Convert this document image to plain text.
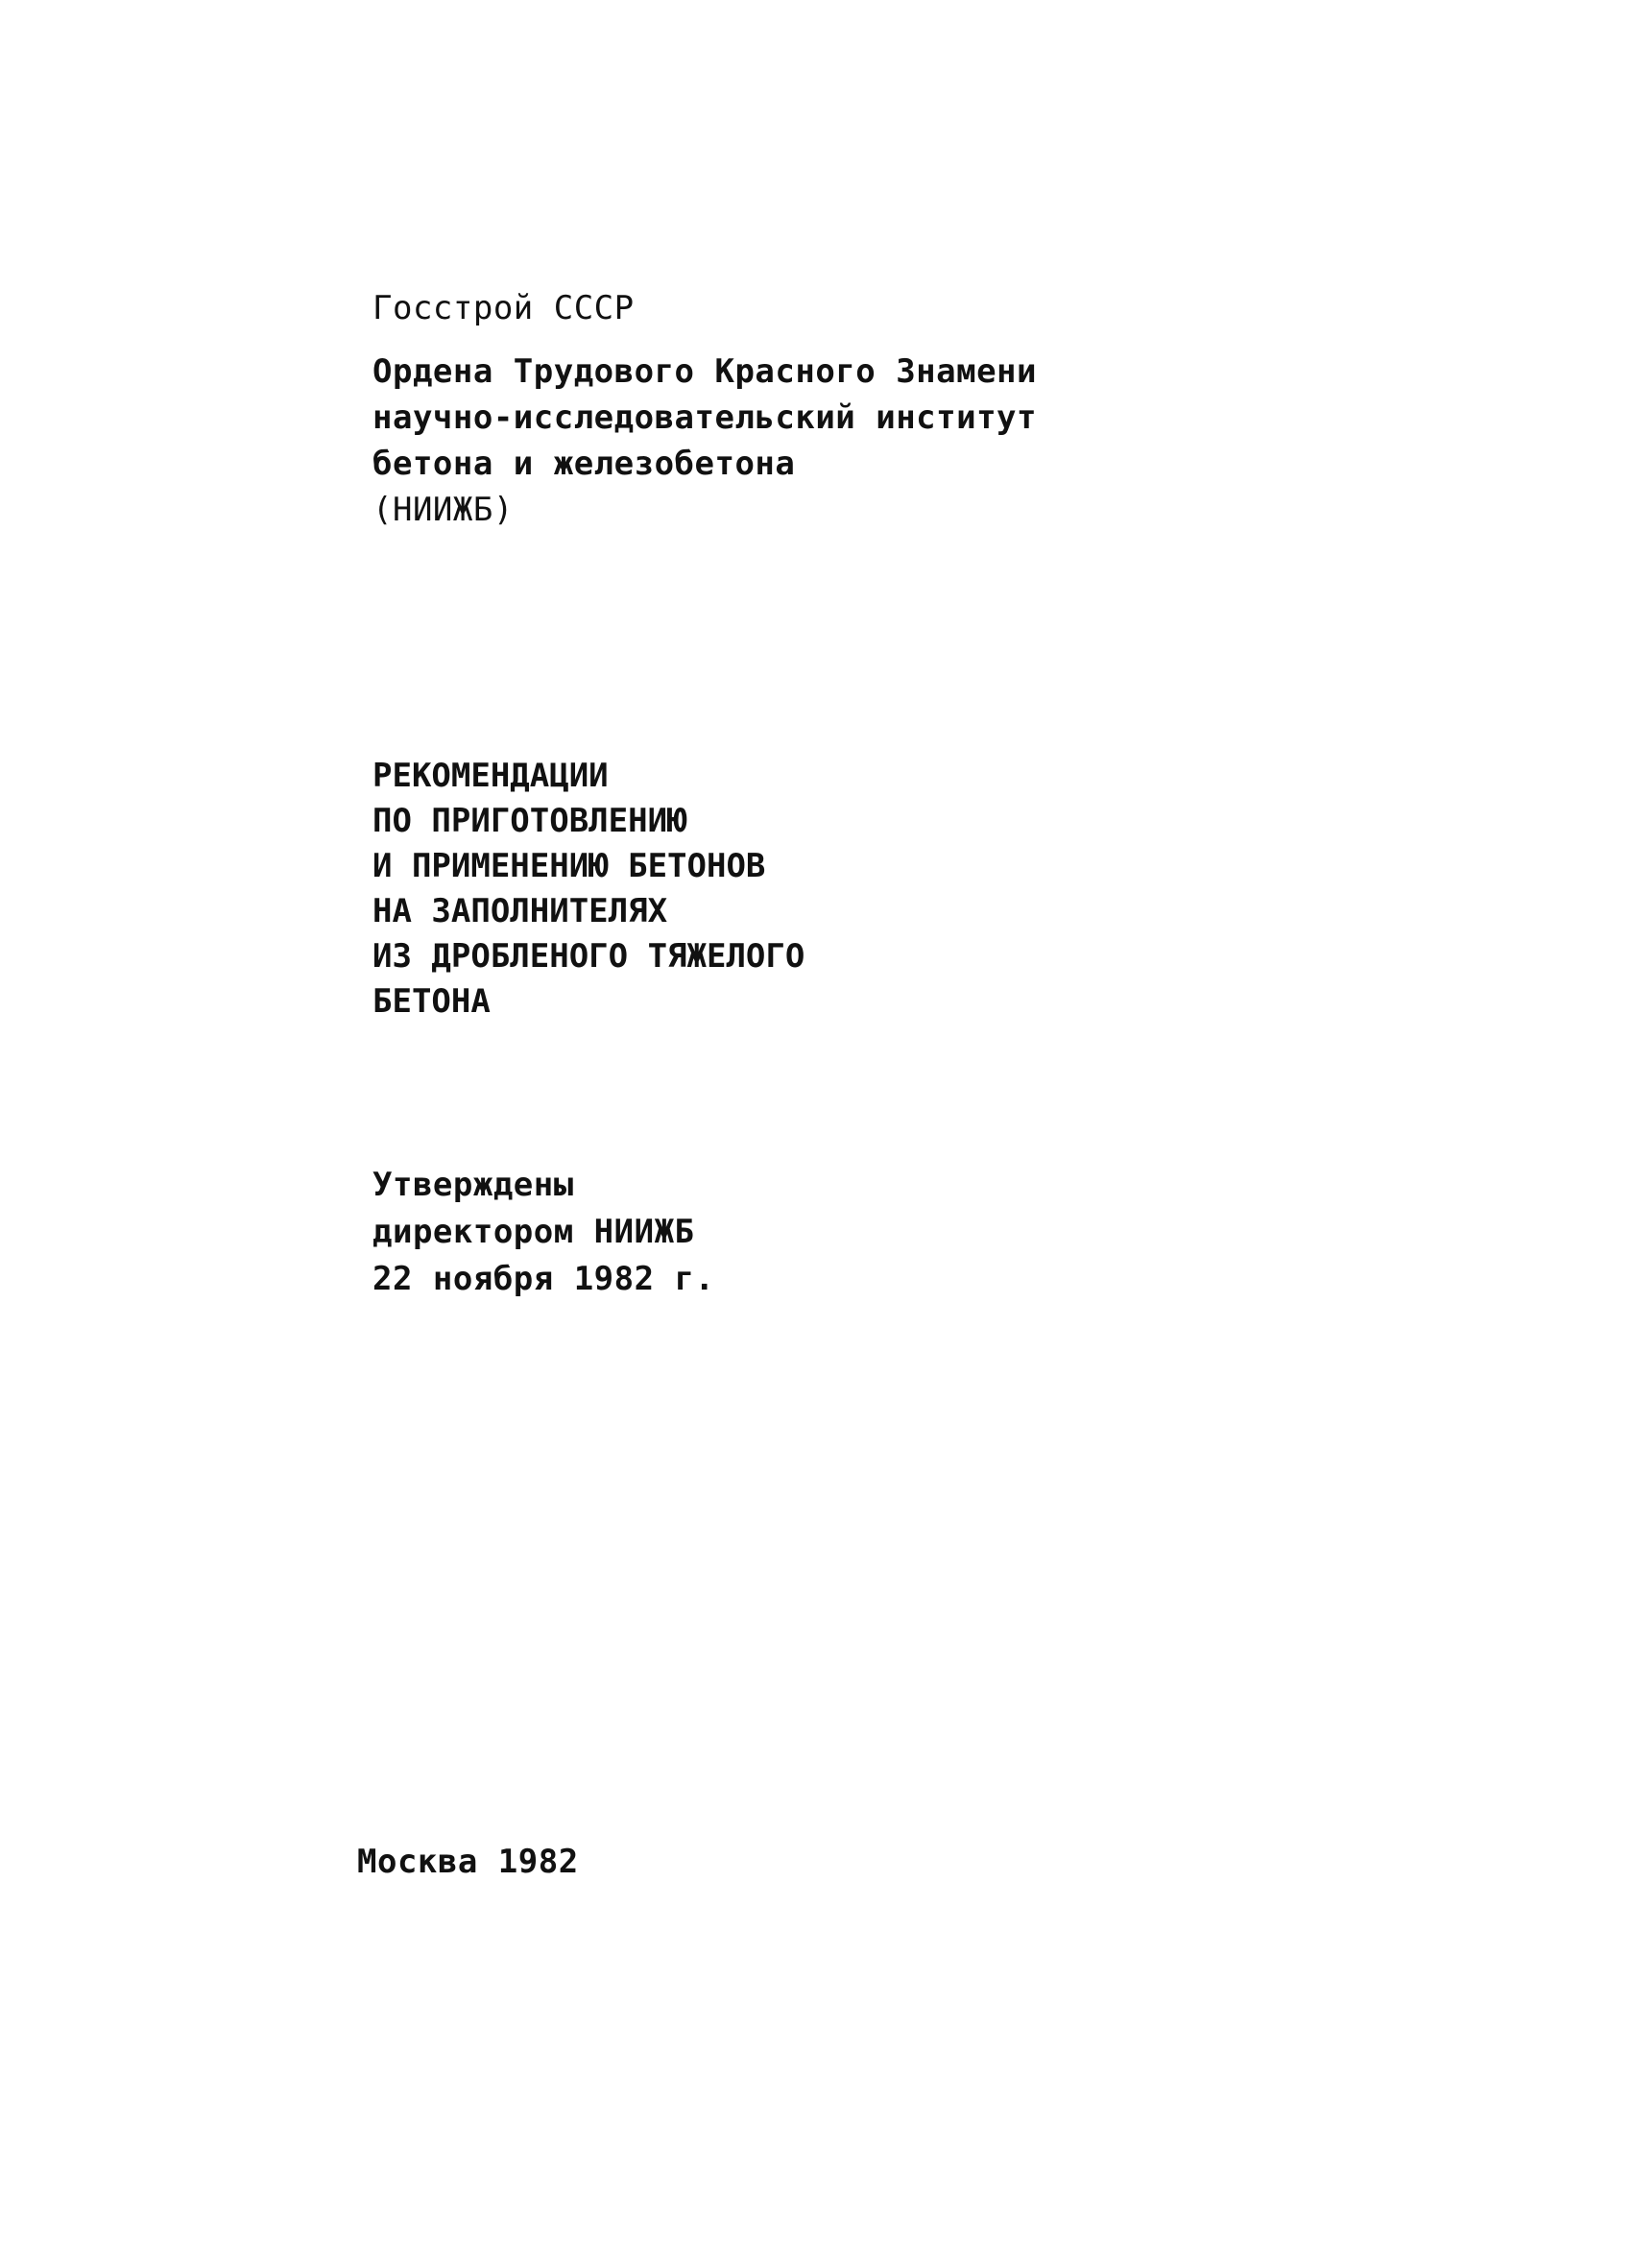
Госстрой СССР
Ордена Трудового Красного Знамени
научно-исследовательский институт
бетона и железобетона
(НИИЖБ)
РЕКОМЕНДАЦИИ
ПО ПРИГОТОВЛЕНИЮ
И ПРИМЕНЕНИЮ БЕТОНОВ
НА ЗАПОЛНИТЕЛЯХ
ИЗ ДРОБЛЕНОГО ТЯЖЕЛОГО
БЕТОНА
Утверждены
директором НИИЖБ
22 ноября 1982 г.
Москва 1982
